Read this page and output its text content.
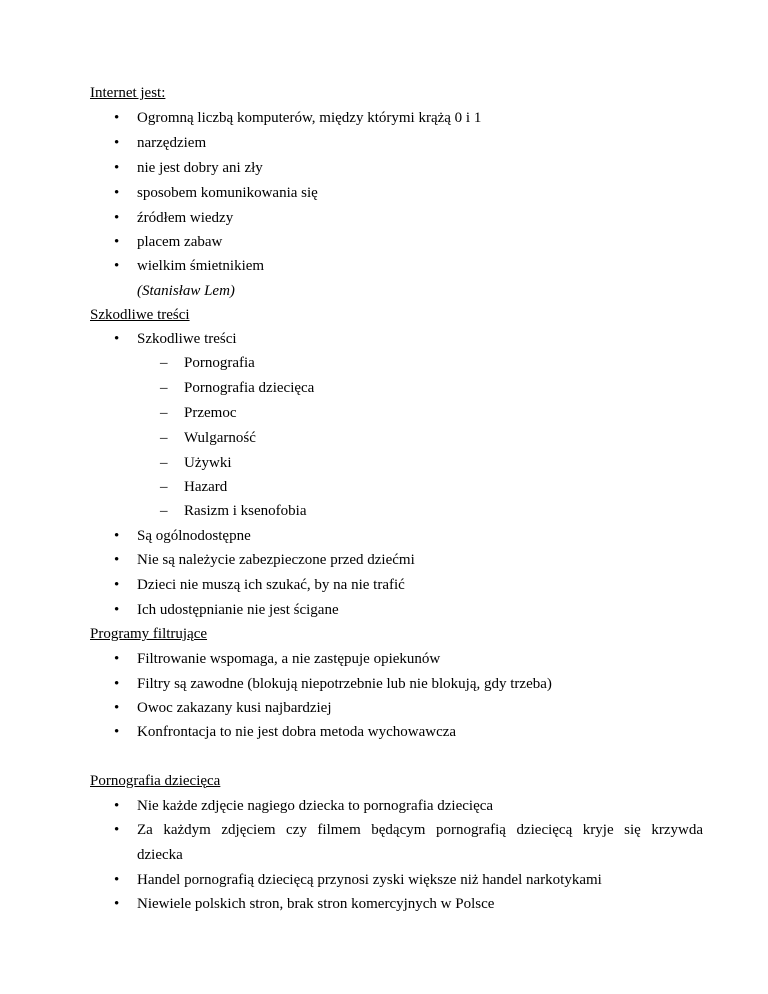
Internet jest:
• Ogromną liczbą komputerów, między którymi krążą 0 i 1
• narzędziem
• nie jest dobry ani zły
• sposobem komunikowania się
• źródłem wiedzy
• placem zabaw
• wielkim śmietnikiem
(Stanisław Lem)
Szkodliwe treści
• Szkodliwe treści
– Pornografia
– Pornografia dziecięca
– Przemoc
– Wulgarność
– Używki
– Hazard
– Rasizm i ksenofobia
• Są ogólnodostępne
• Nie są należycie zabezpieczone przed dziećmi
• Dzieci nie muszą ich szukać, by na nie trafić
• Ich udostępnianie nie jest ścigane
Programy filtrujące
• Filtrowanie wspomaga, a nie zastępuje opiekunów
• Filtry są zawodne (blokują niepotrzebnie lub nie blokują, gdy trzeba)
• Owoc zakazany kusi najbardziej
• Konfrontacja to nie jest dobra metoda wychowawcza
Pornografia dziecięca
• Nie każde zdjęcie nagiego dziecka to pornografia dziecięca
• Za każdym zdjęciem czy filmem będącym pornografią dziecięcą kryje się krzywda
dziecka
• Handel pornografią dziecięcą przynosi zyski większe niż handel narkotykami
• Niewiele polskich stron, brak stron komercyjnych w Polsce
